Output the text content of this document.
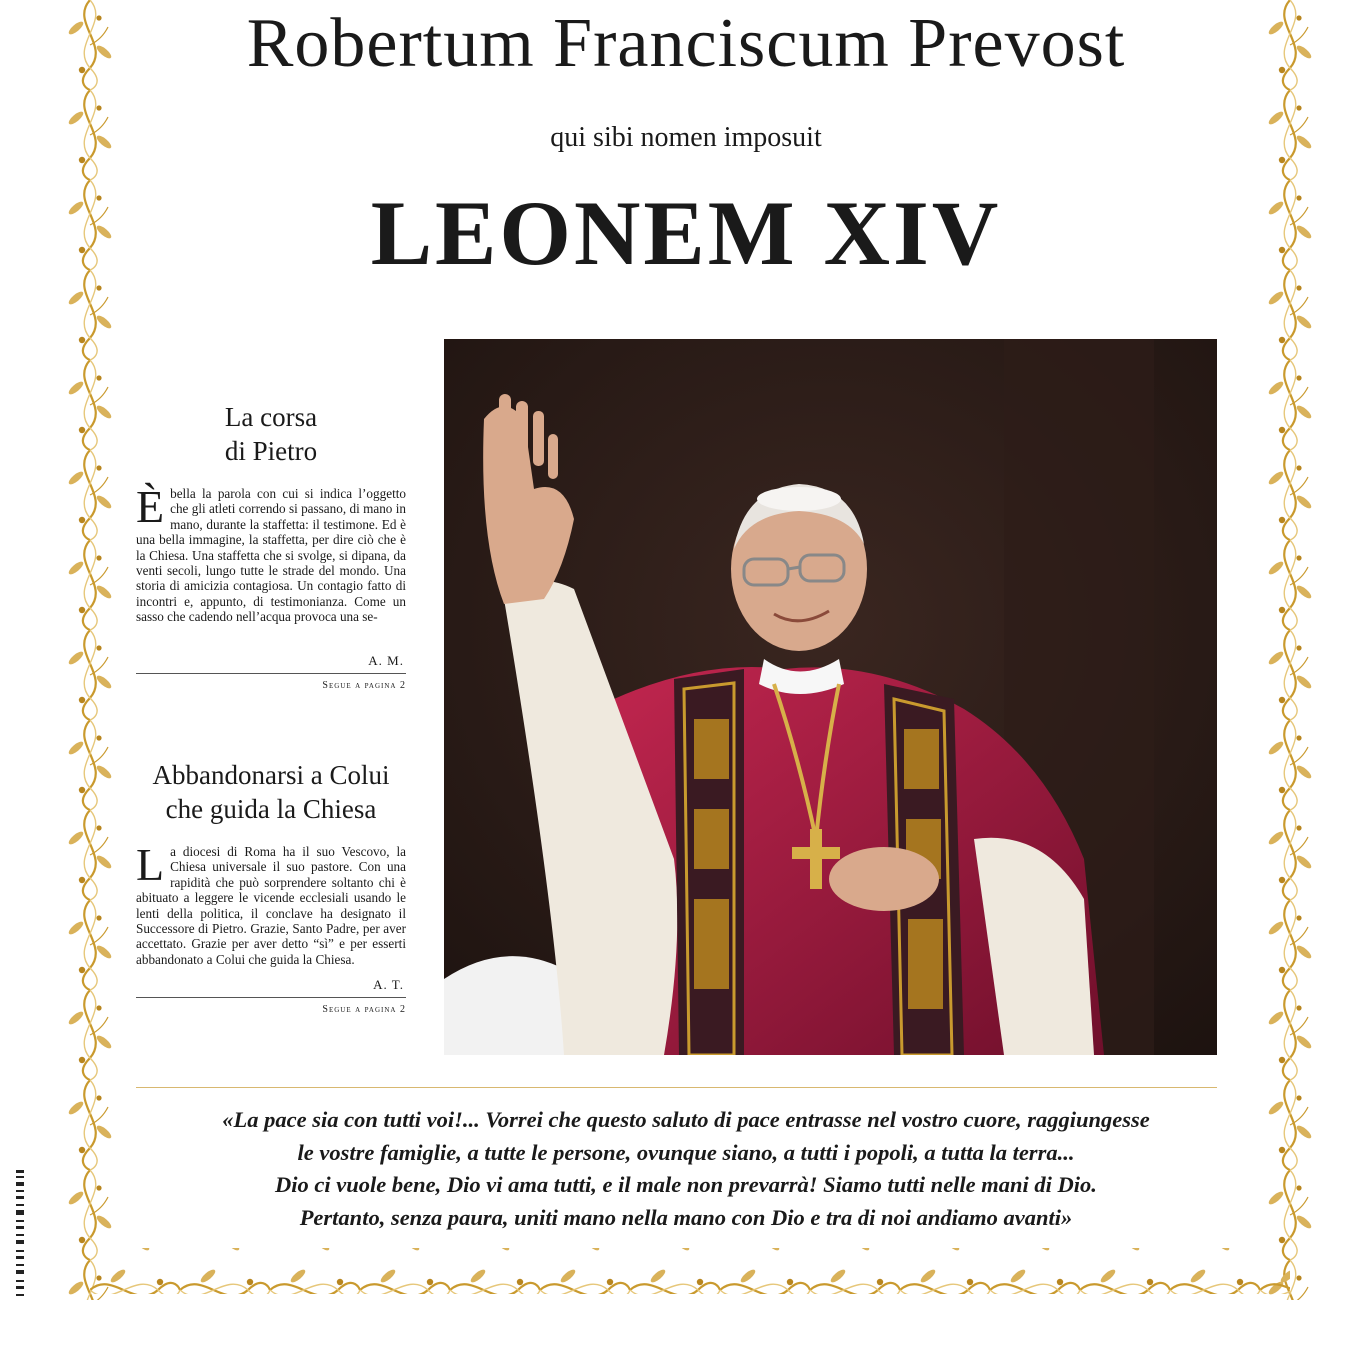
Robertum Franciscum Prevost

qui sibi nomen imposuit

LEONEM XIV
La corsa
di Pietro

Èbella la parola con cui si indica l’oggetto che gli atleti correndo si passano, di mano in mano, durante la staffetta: il testimone. Ed è una bella immagine, la staffetta, per dire ciò che è la Chiesa. Una staffetta che si svolge, si dipana, da venti secoli, lungo tutte le strade del mondo. Una storia di amicizia contagiosa. Un contagio fatto di incontri e, appunto, di testimonianza. Come un sasso che cadendo nell’acqua provoca una se-

A. M.
Segue a pagina 2
Abbandonarsi a Colui
che guida la Chiesa

La diocesi di Roma ha il suo Vescovo, la Chiesa universale il suo pastore. Con una rapidità che può sorprendere soltanto chi è abituato a leggere le vicende ecclesiali usando le lenti della politica, il conclave ha designato il Successore di Pietro. Grazie, Santo Padre, per aver accettato. Grazie per aver detto “sì” e per esserti abbandonato a Colui che guida la Chiesa.

A. T.
Segue a pagina 2

«La pace sia con tutti voi!... Vorrei che questo saluto di pace entrasse nel vostro cuore, raggiungesse
le vostre famiglie, a tutte le persone, ovunque siano, a tutti i popoli, a tutta la terra...
Dio ci vuole bene, Dio vi ama tutti, e il male non prevarrà! Siamo tutti nelle mani di Dio.
Pertanto, senza paura, uniti mano nella mano con Dio e tra di noi andiamo avanti»
